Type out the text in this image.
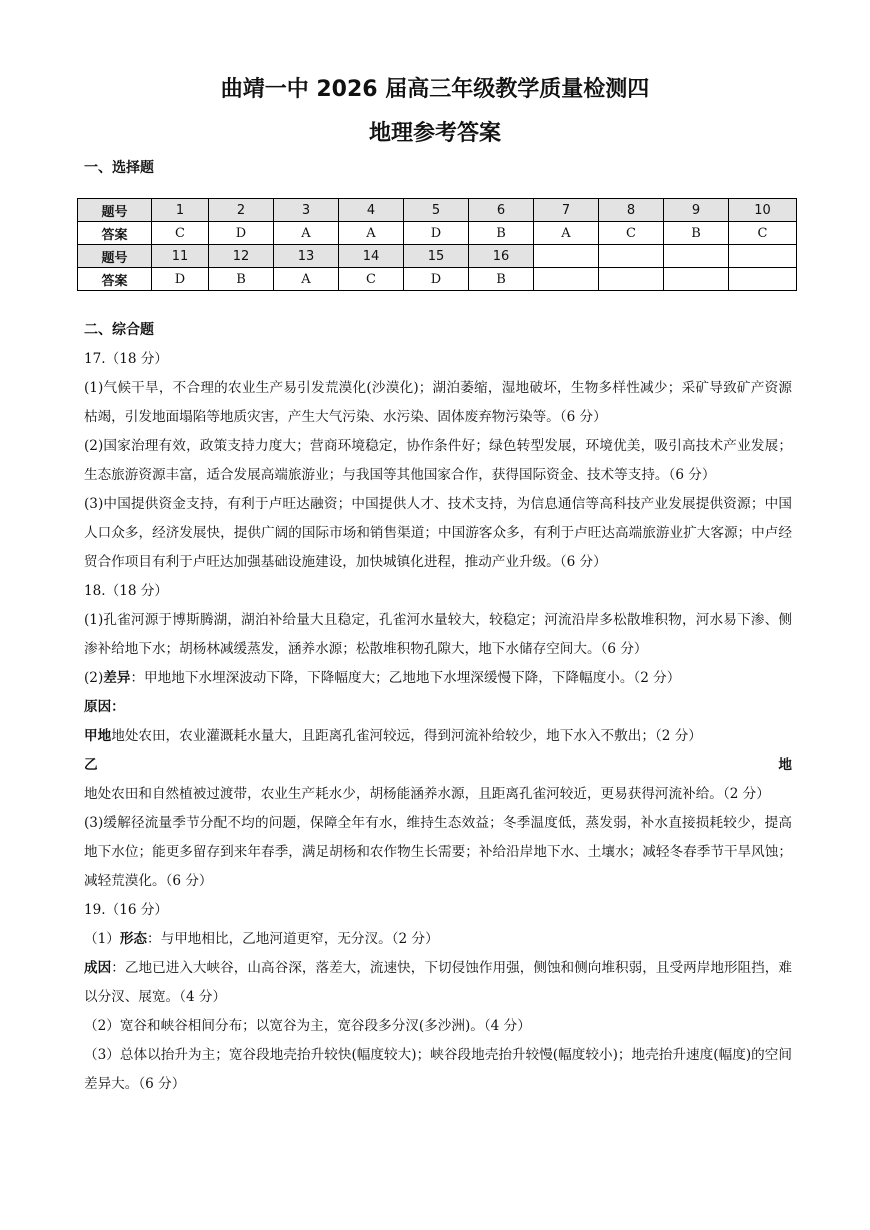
曲靖一中 2026 届高三年级教学质量检测四
地理参考答案
一、选择题
题号	1	2	3	4	5	6	7	8	9	10
答案	C	D	A	A	D	B	A	C	B	C
题号	11	12	13	14	15	16				
答案	D	B	A	C	D	B				
二、综合题

17.（18 分）

(1)气候干旱，不合理的农业生产易引发荒漠化(沙漠化)；湖泊萎缩，湿地破坏，生物多样性减少；采矿导致矿产资源枯竭，引发地面塌陷等地质灾害，产生大气污染、水污染、固体废弃物污染等。（6 分）

(2)国家治理有效，政策支持力度大；营商环境稳定，协作条件好；绿色转型发展，环境优美，吸引高技术产业发展；生态旅游资源丰富，适合发展高端旅游业；与我国等其他国家合作，获得国际资金、技术等支持。（6 分）

(3)中国提供资金支持，有利于卢旺达融资；中国提供人才、技术支持，为信息通信等高科技产业发展提供资源；中国人口众多，经济发展快，提供广阔的国际市场和销售渠道；中国游客众多，有利于卢旺达高端旅游业扩大客源；中卢经贸合作项目有利于卢旺达加强基础设施建设，加快城镇化进程，推动产业升级。（6 分）

18.（18 分）

(1)孔雀河源于博斯腾湖，湖泊补给量大且稳定，孔雀河水量较大，较稳定；河流沿岸多松散堆积物，河水易下渗、侧渗补给地下水；胡杨林减缓蒸发，涵养水源；松散堆积物孔隙大，地下水储存空间大。（6 分）

(2)差异：甲地地下水埋深波动下降，下降幅度大；乙地地下水埋深缓慢下降，下降幅度小。（2 分）

原因：

甲地地处农田，农业灌溉耗水量大，且距离孔雀河较远，得到河流补给较少，地下水入不敷出；（2 分）

乙地地处农田和自然植被过渡带，农业生产耗水少，胡杨能涵养水源，且距离孔雀河较近，更易获得河流补给。（2 分）

(3)缓解径流量季节分配不均的问题，保障全年有水，维持生态效益；冬季温度低，蒸发弱，补水直接损耗较少，提高地下水位；能更多留存到来年春季，满足胡杨和农作物生长需要；补给沿岸地下水、土壤水；减轻冬春季节干旱风蚀；减轻荒漠化。（6 分）

19.（16 分）

（1）形态：与甲地相比，乙地河道更窄，无分汊。（2 分）

成因：乙地已进入大峡谷，山高谷深，落差大，流速快，下切侵蚀作用强，侧蚀和侧向堆积弱，且受两岸地形阻挡，难以分汊、展宽。（4 分）

（2）宽谷和峡谷相间分布；以宽谷为主，宽谷段多分汊(多沙洲)。（4 分）

（3）总体以抬升为主；宽谷段地壳抬升较快(幅度较大)；峡谷段地壳抬升较慢(幅度较小)；地壳抬升速度(幅度)的空间差异大。（6 分）
